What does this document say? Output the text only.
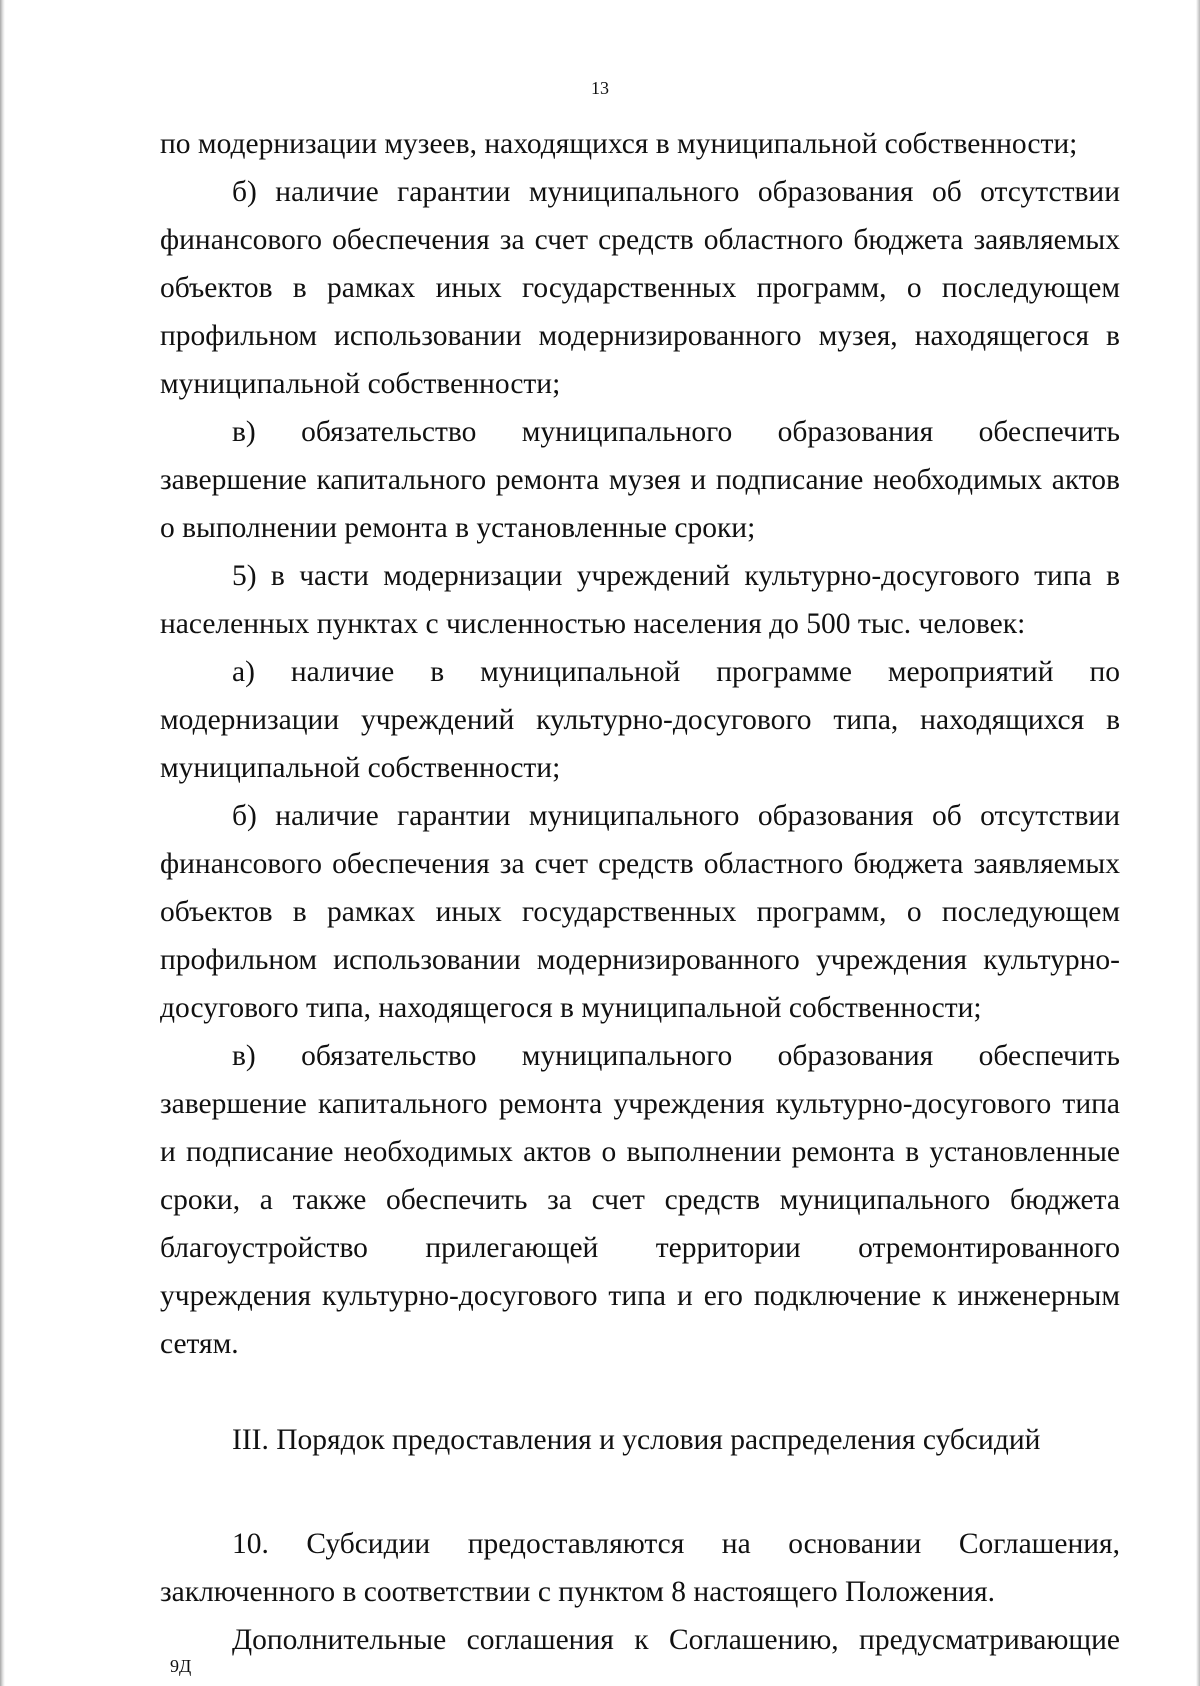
13

по модернизации музеев, находящихся в муниципальной собственности;

б) наличие гарантии муниципального образования об отсутствии финансового обеспечения за счет средств областного бюджета заявляемых объектов в рамках иных государственных программ, о последующем профильном использовании модернизированного музея, находящегося в муниципальной собственности;

в) обязательство муниципального образования обеспечить завершение капитального ремонта музея и подписание необходимых актов о выполнении ремонта в установленные сроки;

5) в части модернизации учреждений культурно-досугового типа в населенных пунктах с численностью населения до 500 тыс. человек:

а) наличие в муниципальной программе мероприятий по модернизации учреждений культурно-досугового типа, находящихся в муниципальной собственности;

б) наличие гарантии муниципального образования об отсутствии финансового обеспечения за счет средств областного бюджета заявляемых объектов в рамках иных государственных программ, о последующем профильном использовании модернизированного учреждения культурно-досугового типа, находящегося в муниципальной собственности;

в) обязательство муниципального образования обеспечить завершение капитального ремонта учреждения культурно-досугового типа и подписание необходимых актов о выполнении ремонта в установленные сроки, а также обеспечить за счет средств муниципального бюджета благоустройство прилегающей территории отремонтированного учреждения культурно-досугового типа и его подключение к инженерным сетям.

III. Порядок предоставления и условия распределения субсидий

10. Субсидии предоставляются на основании Соглашения, заключенного в соответствии с пунктом 8 настоящего Положения.

Дополнительные соглашения к Соглашению, предусматривающие

9Д
